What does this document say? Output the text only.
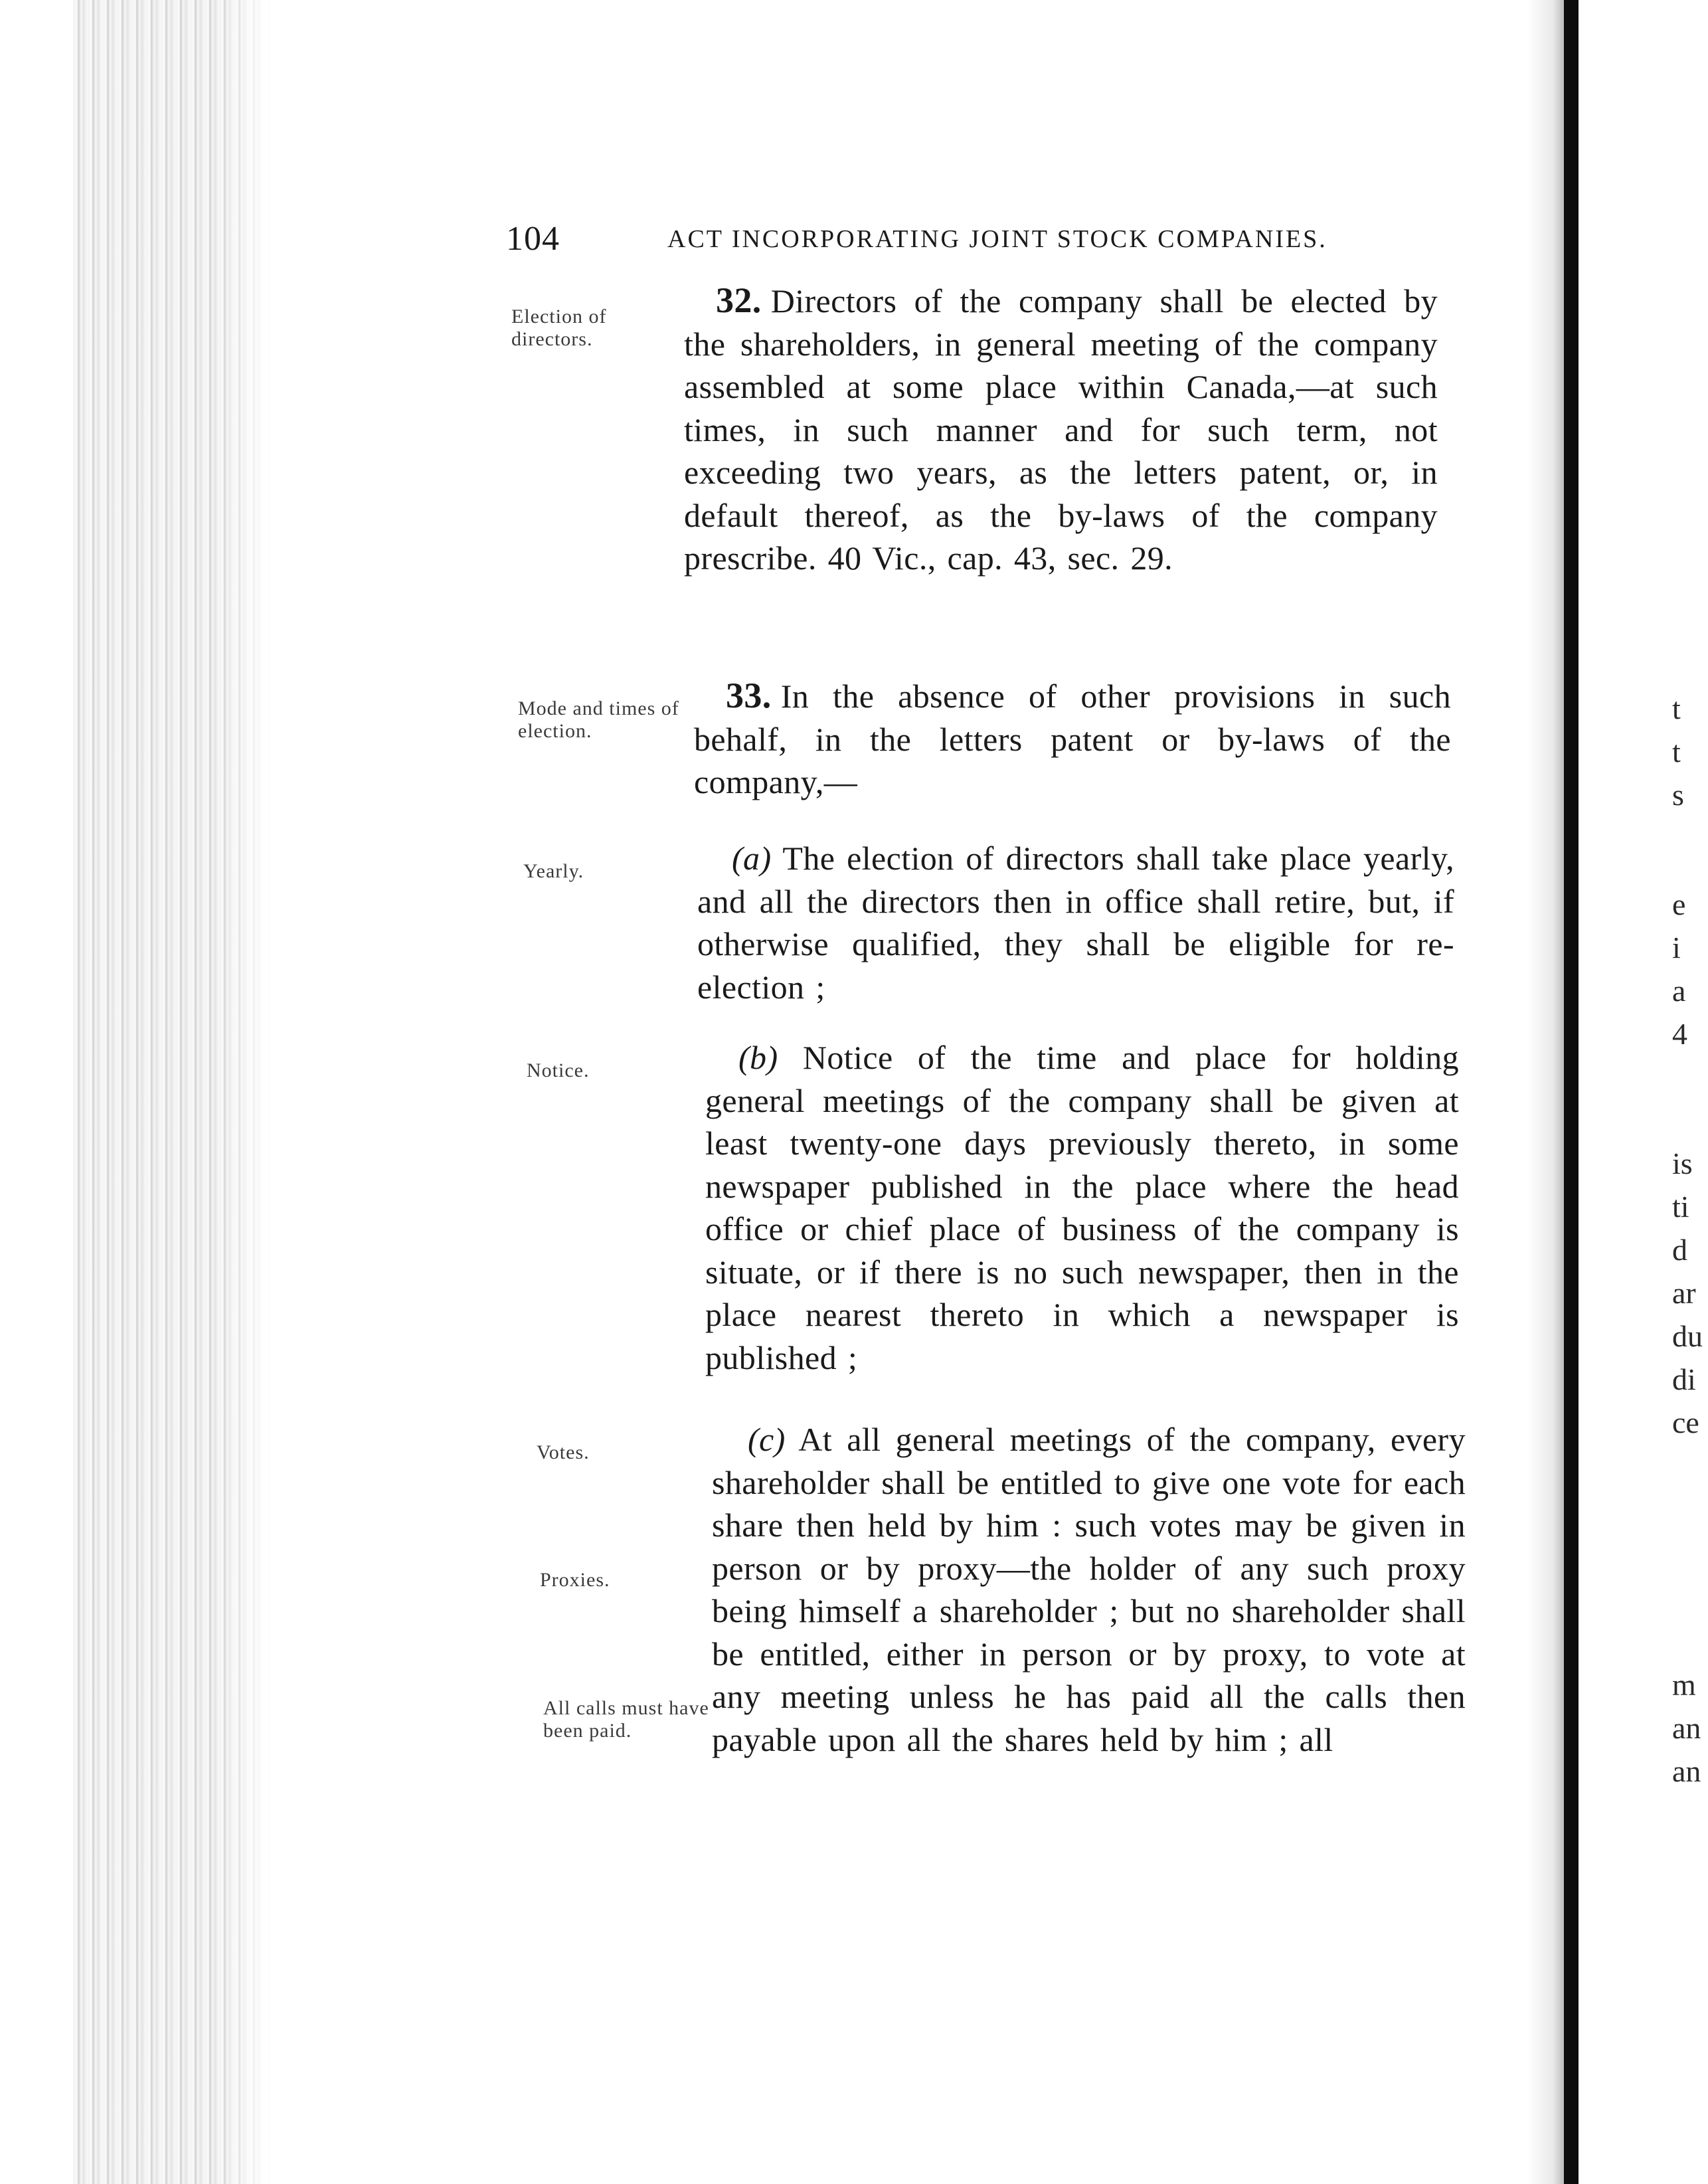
104	ACT INCORPORATING JOINT STOCK COMPANIES.
Election of directors.
Mode and times of election.
Yearly.
Notice.
Votes.
Proxies.
All calls must have been paid.
32. Directors of the company shall be elected by the shareholders, in general meeting of the company assembled at some place within Canada,—at such times, in such manner and for such term, not exceeding two years, as the letters patent, or, in default thereof, as the by-laws of the company prescribe. 40 Vic., cap. 43, sec. 29.
33. In the absence of other provisions in such behalf, in the letters patent or by-laws of the company,—
(a) The election of directors shall take place yearly, and all the directors then in office shall retire, but, if otherwise qualified, they shall be eligible for re-election ;
(b) Notice of the time and place for holding general meetings of the company shall be given at least twenty-one days previously thereto, in some newspaper published in the place where the head office or chief place of business of the company is situate, or if there is no such newspaper, then in the place nearest thereto in which a newspaper is published ;
(c) At all general meetings of the company, every shareholder shall be entitled to give one vote for each share then held by him : such votes may be given in person or by proxy—the holder of any such proxy being himself a shareholder ; but no shareholder shall be entitled, either in person or by proxy, to vote at any meeting unless he has paid all the calls then payable upon all the shares held by him ; all
t
t
s
e
i
a
4
is
ti
d
ar
du
di
ce
m
an
an
